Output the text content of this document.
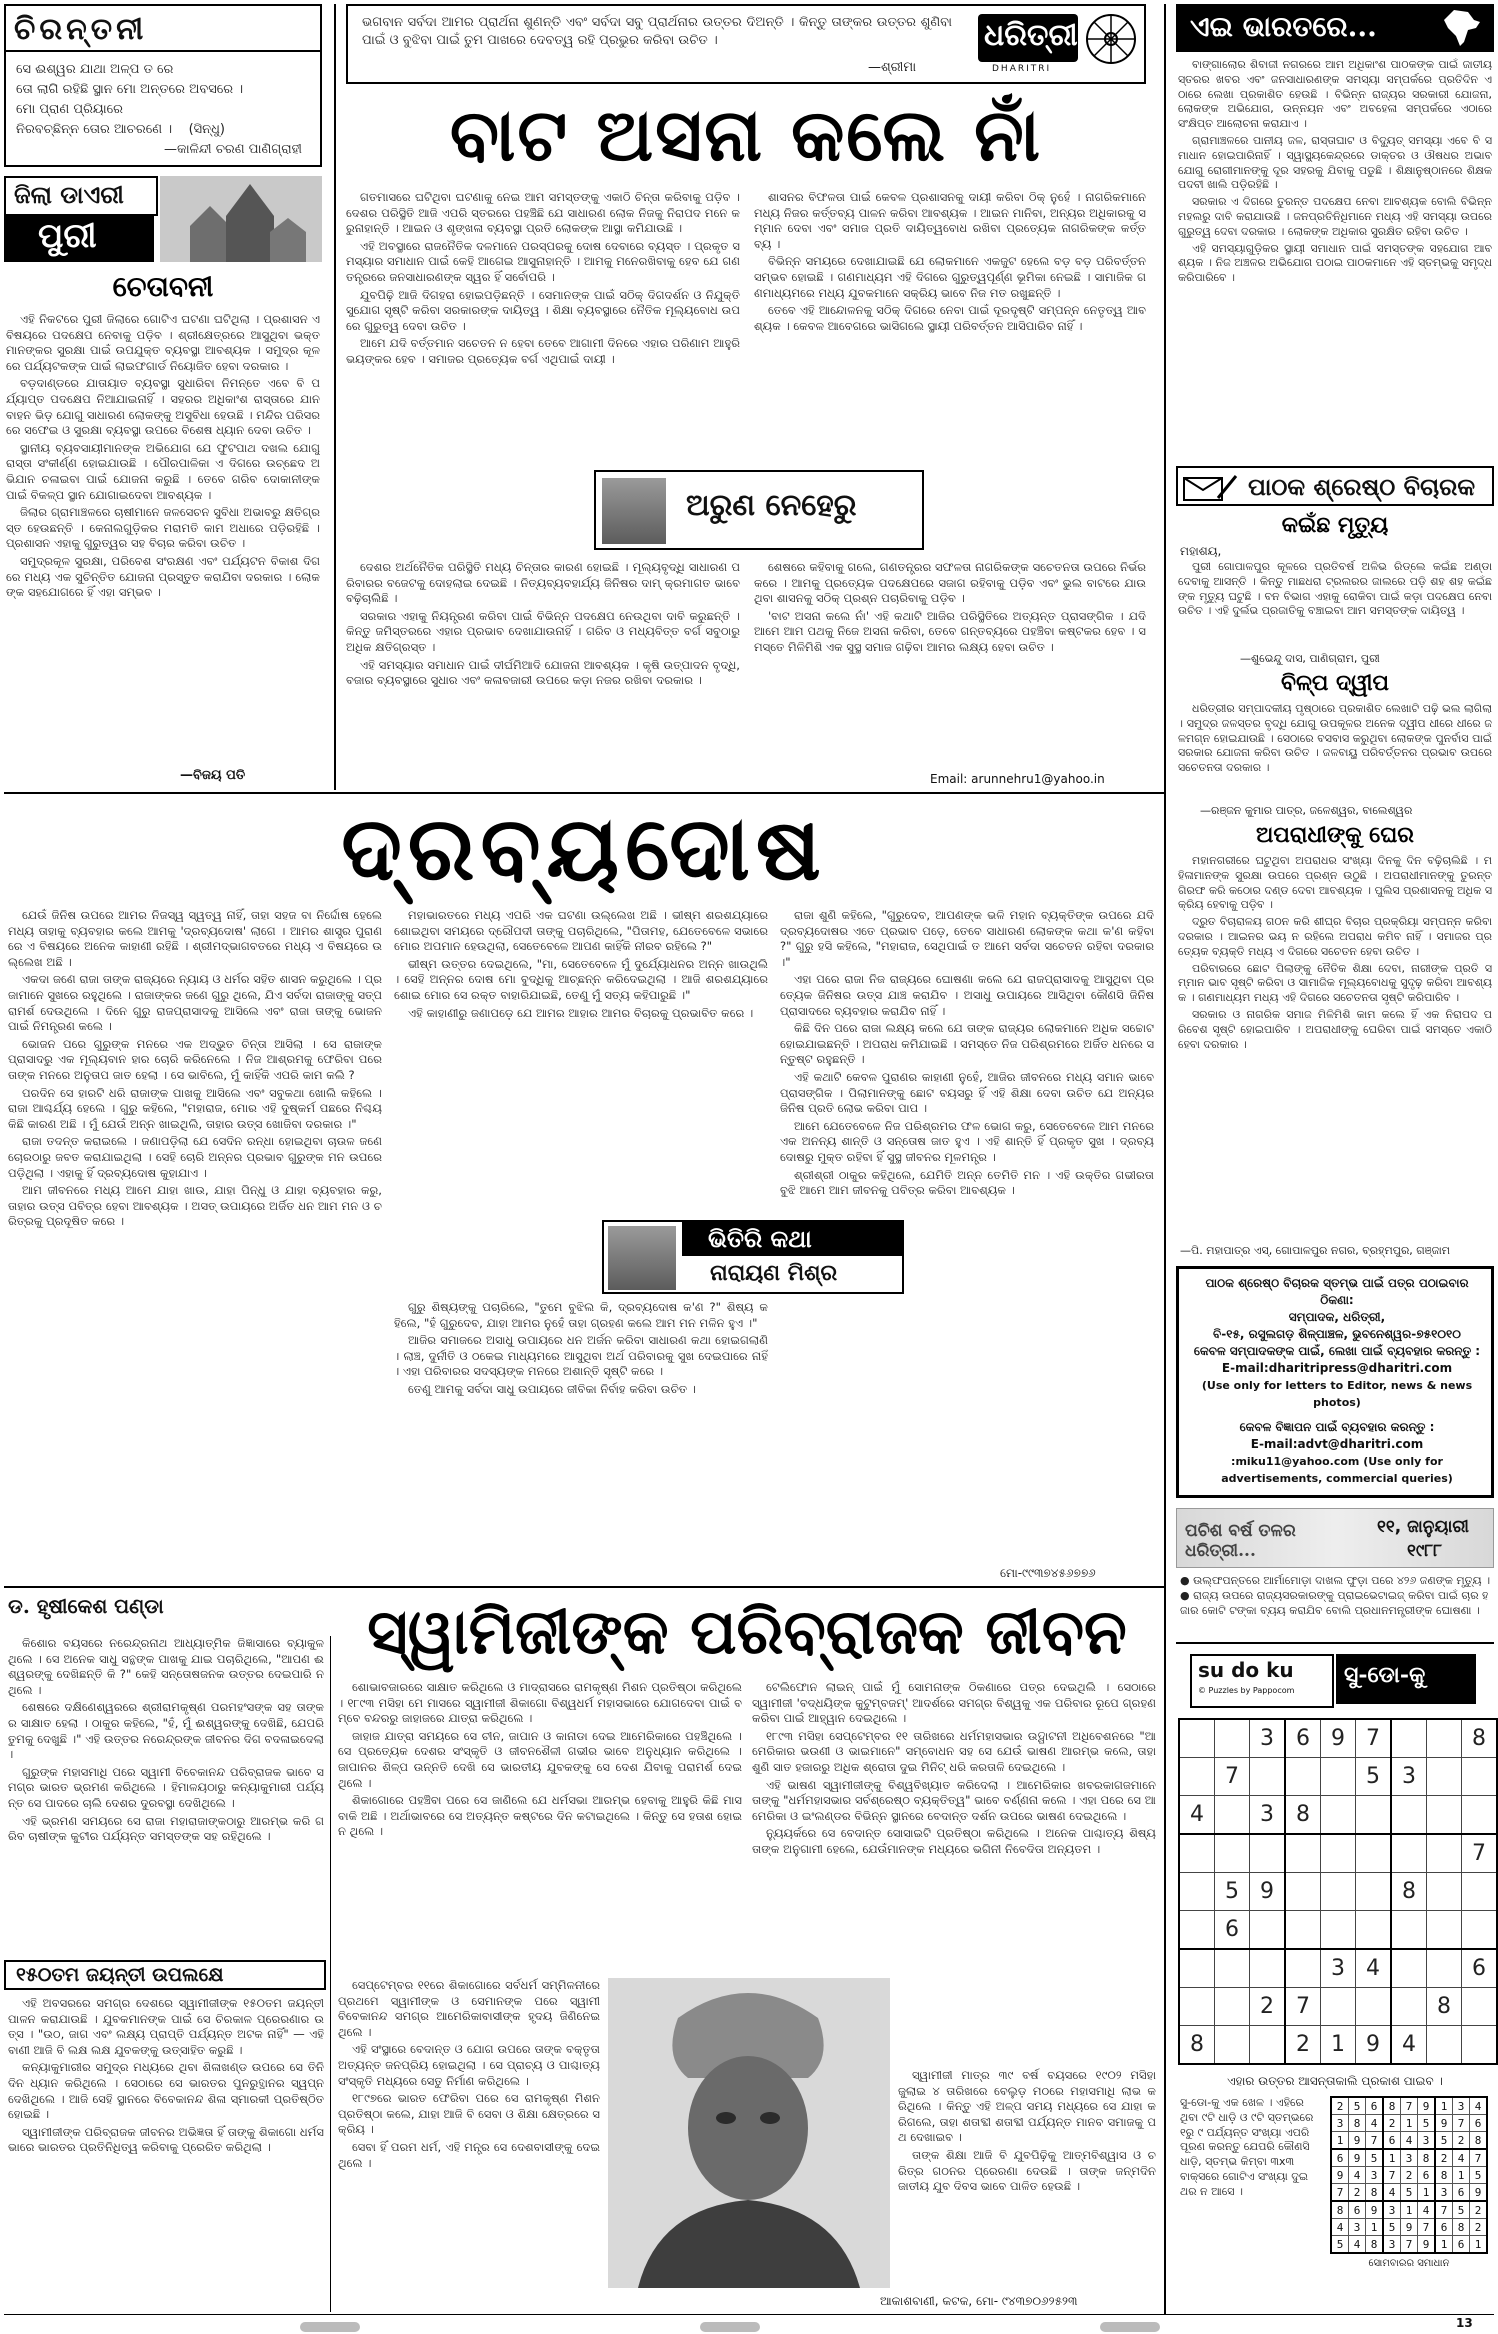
ଚିରନ୍ତନୀ
ସେ ଈଶ୍ୱର ଯାଥା ଅଳ୍ପ ତ ରେ
ତୋ ଲାଗି ରହିଛି ସ୍ଥାନ ମୋ ଅନ୍ତରେ ଅବସରେ ।
ମୋ ପ୍ରାଣ ପ୍ରିୟାରେ
ନିରବଚ୍ଛିନ୍ନ ତୋର ଆଚରଣେ । (ସିନ୍ଧୁ)
—କାଳିନ୍ଦୀ ଚରଣ ପାଣିଗ୍ରାହୀ
ଭଗବାନ ସର୍ବଦା ଆମର ପ୍ରାର୍ଥନା ଶୁଣନ୍ତି ଏବଂ ସର୍ବଦା ସବୁ ପ୍ରାର୍ଥନାର ଉତ୍ତର ଦିଅନ୍ତି । କିନ୍ତୁ ତାଙ୍କର ଉତ୍ତର ଶୁଣିବା ପାଇଁ ଓ ବୁଝିବା ପାଇଁ ତୁମ ପାଖରେ ଦେବତ୍ୱ ରହି ପ୍ରଭୁର କରିବା ଉଚିତ ।
—ଶ୍ରୀମା
ଧରିତ୍ରୀ
DHARITRI
ଏଇ ଭାରତରେ...

ବାଙ୍ଗାଲୋର ଶିବାଜୀ ନଗରରେ ଆମ ଅଧିକାଂଶ ପାଠକଙ୍କ ପାଇଁ ଜାତୀୟ ସ୍ତରର ଖବର ଏବଂ ଜନସାଧାରଣଙ୍କ ସମସ୍ୟା ସମ୍ପର୍କରେ ପ୍ରତିଦିନ ଏଠାରେ ଲେଖା ପ୍ରକାଶିତ ହେଉଛି । ବିଭିନ୍ନ ରାଜ୍ୟର ସରକାରୀ ଯୋଜନା, ଲୋକଙ୍କ ଅଭିଯୋଗ, ଉନ୍ନୟନ ଏବଂ ଅବହେଳା ସମ୍ପର୍କରେ ଏଠାରେ ସଂକ୍ଷିପ୍ତ ଆଲୋଚନା କରାଯାଏ ।

ଗ୍ରାମାଞ୍ଚଳରେ ପାନୀୟ ଜଳ, ରାସ୍ତାଘାଟ ଓ ବିଦ୍ୟୁତ୍ ସମସ୍ୟା ଏବେ ବି ସମାଧାନ ହୋଇପାରିନାହିଁ । ସ୍ୱାସ୍ଥ୍ୟକେନ୍ଦ୍ରରେ ଡାକ୍ତର ଓ ଔଷଧର ଅଭାବ ଯୋଗୁ ରୋଗୀମାନଙ୍କୁ ଦୂର ସହରକୁ ଯିବାକୁ ପଡୁଛି । ଶିକ୍ଷାନୁଷ୍ଠାନରେ ଶିକ୍ଷକ ପଦବୀ ଖାଲି ପଡ଼ିରହିଛି ।

ସରକାର ଏ ଦିଗରେ ତୁରନ୍ତ ପଦକ୍ଷେପ ନେବା ଆବଶ୍ୟକ ବୋଲି ବିଭିନ୍ନ ମହଲରୁ ଦାବି କରାଯାଉଛି । ଜନପ୍ରତିନିଧିମାନେ ମଧ୍ୟ ଏହି ସମସ୍ୟା ଉପରେ ଗୁରୁତ୍ୱ ଦେବା ଦରକାର । ଲୋକଙ୍କ ଅଧିକାର ସୁରକ୍ଷିତ ରହିବା ଉଚିତ ।

ଏହି ସମସ୍ୟାଗୁଡ଼ିକର ସ୍ଥାୟୀ ସମାଧାନ ପାଇଁ ସମସ୍ତଙ୍କ ସହଯୋଗ ଆବଶ୍ୟକ । ନିଜ ଅଞ୍ଚଳର ଅଭିଯୋଗ ପଠାଇ ପାଠକମାନେ ଏହି ସ୍ତମ୍ଭକୁ ସମୃଦ୍ଧ କରିପାରିବେ ।

ଜିଲା ଡାଏରୀ
ପୁରୀ
ଚେତାବନୀ

ଏହି ନିକଟରେ ପୁରୀ ଜିଲାରେ ଗୋଟିଏ ଘଟଣା ଘଟିଥିଲା । ପ୍ରଶାସନ ଏ ବିଷୟରେ ପଦକ୍ଷେପ ନେବାକୁ ପଡ଼ିବ । ଶ୍ରୀକ୍ଷେତ୍ରରେ ଆସୁଥିବା ଭକ୍ତମାନଙ୍କର ସୁରକ୍ଷା ପାଇଁ ଉପଯୁକ୍ତ ବ୍ୟବସ୍ଥା ଆବଶ୍ୟକ । ସମୁଦ୍ର କୂଳରେ ପର୍ଯ୍ୟଟକଙ୍କ ପାଇଁ ଲାଇଫଗାର୍ଡ ନିୟୋଜିତ ହେବା ଦରକାର ।

ବଡ଼ଦାଣ୍ଡରେ ଯାତାୟାତ ବ୍ୟବସ୍ଥା ସୁଧାରିବା ନିମନ୍ତେ ଏବେ ବି ପର୍ଯ୍ୟାପ୍ତ ପଦକ୍ଷେପ ନିଆଯାଇନାହିଁ । ସହରର ଅଧିକାଂଶ ରାସ୍ତାରେ ଯାନବାହନ ଭିଡ଼ ଯୋଗୁ ସାଧାରଣ ଲୋକଙ୍କୁ ଅସୁବିଧା ହେଉଛି । ମନ୍ଦିର ପରିସରରେ ସଫେଇ ଓ ସୁରକ୍ଷା ବ୍ୟବସ୍ଥା ଉପରେ ବିଶେଷ ଧ୍ୟାନ ଦେବା ଉଚିତ ।

ସ୍ଥାନୀୟ ବ୍ୟବସାୟୀମାନଙ୍କ ଅଭିଯୋଗ ଯେ ଫୁଟପାଥ ଦଖଲ ଯୋଗୁ ରାସ୍ତା ସଂକୀର୍ଣ୍ଣ ହୋଇଯାଉଛି । ପୌରପାଳିକା ଏ ଦିଗରେ ଉଚ୍ଛେଦ ଅଭିଯାନ ଚଳାଇବା ପାଇଁ ଯୋଜନା କରୁଛି । ତେବେ ଗରିବ ଦୋକାନୀଙ୍କ ପାଇଁ ବିକଳ୍ପ ସ୍ଥାନ ଯୋଗାଇଦେବା ଆବଶ୍ୟକ ।

ଜିଲାର ଗ୍ରାମାଞ୍ଚଳରେ ଚାଷୀମାନେ ଜଳସେଚନ ସୁବିଧା ଅଭାବରୁ କ୍ଷତିଗ୍ରସ୍ତ ହେଉଛନ୍ତି । କେନାଲଗୁଡ଼ିକର ମରାମତି କାମ ଅଧାରେ ପଡ଼ିରହିଛି । ପ୍ରଶାସନ ଏହାକୁ ଗୁରୁତ୍ୱର ସହ ବିଚାର କରିବା ଉଚିତ ।

ସମୁଦ୍ରକୂଳ ସୁରକ୍ଷା, ପରିବେଶ ସଂରକ୍ଷଣ ଏବଂ ପର୍ଯ୍ୟଟନ ବିକାଶ ଦିଗରେ ମଧ୍ୟ ଏକ ସୁଚିନ୍ତିତ ଯୋଜନା ପ୍ରସ୍ତୁତ କରାଯିବା ଦରକାର । ଲୋକଙ୍କ ସହଯୋଗରେ ହିଁ ଏହା ସମ୍ଭବ ।

—ବିଜୟ ପତି
ବାଟ ଅସନା କଲେ ନାଁ

ଗତମାସରେ ଘଟିଥିବା ଘଟଣାକୁ ନେଇ ଆମ ସମସ୍ତଙ୍କୁ ଏକାଠି ଚିନ୍ତା କରିବାକୁ ପଡ଼ିବ । ଦେଶର ପରିସ୍ଥିତି ଆଜି ଏପରି ସ୍ତରରେ ପହଞ୍ଚିଛି ଯେ ସାଧାରଣ ଲୋକ ନିଜକୁ ନିରାପଦ ମନେ କରୁନାହାନ୍ତି । ଆଇନ ଓ ଶୃଙ୍ଖଳା ବ୍ୟବସ୍ଥା ପ୍ରତି ଲୋକଙ୍କ ଆସ୍ଥା କମିଯାଉଛି ।

ଏହି ଅବସ୍ଥାରେ ରାଜନୈତିକ ଦଳମାନେ ପରସ୍ପରକୁ ଦୋଷ ଦେବାରେ ବ୍ୟସ୍ତ । ପ୍ରକୃତ ସମସ୍ୟାର ସମାଧାନ ପାଇଁ କେହି ଆଗେଇ ଆସୁନାହାନ୍ତି । ଆମକୁ ମନେରଖିବାକୁ ହେବ ଯେ ଗଣତନ୍ତ୍ରରେ ଜନସାଧାରଣଙ୍କ ସ୍ୱର ହିଁ ସର୍ବୋପରି ।

ଯୁବପିଢ଼ି ଆଜି ଦିଗହରା ହୋଇପଡ଼ିଛନ୍ତି । ସେମାନଙ୍କ ପାଇଁ ସଠିକ୍ ଦିଗଦର୍ଶନ ଓ ନିଯୁକ୍ତି ସୁଯୋଗ ସୃଷ୍ଟି କରିବା ସରକାରଙ୍କ ଦାୟିତ୍ୱ । ଶିକ୍ଷା ବ୍ୟବସ୍ଥାରେ ନୈତିକ ମୂଲ୍ୟବୋଧ ଉପରେ ଗୁରୁତ୍ୱ ଦେବା ଉଚିତ ।

ଆମେ ଯଦି ବର୍ତ୍ତମାନ ସଚେତନ ନ ହେବା ତେବେ ଆଗାମୀ ଦିନରେ ଏହାର ପରିଣାମ ଆହୁରି ଭୟଙ୍କର ହେବ । ସମାଜର ପ୍ରତ୍ୟେକ ବର୍ଗ ଏଥିପାଇଁ ଦାୟୀ ।

ଶାସନର ବିଫଳତା ପାଇଁ କେବଳ ପ୍ରଶାସନକୁ ଦାୟୀ କରିବା ଠିକ୍ ନୁହେଁ । ନାଗରିକମାନେ ମଧ୍ୟ ନିଜର କର୍ତ୍ତବ୍ୟ ପାଳନ କରିବା ଆବଶ୍ୟକ । ଆଇନ ମାନିବା, ଅନ୍ୟର ଅଧିକାରକୁ ସମ୍ମାନ ଦେବା ଏବଂ ସମାଜ ପ୍ରତି ଦାୟିତ୍ୱବୋଧ ରଖିବା ପ୍ରତ୍ୟେକ ନାଗରିକଙ୍କ କର୍ତ୍ତବ୍ୟ ।

ବିଭିନ୍ନ ସମୟରେ ଦେଖାଯାଇଛି ଯେ ଲୋକମାନେ ଏକଜୁଟ ହେଲେ ବଡ଼ ବଡ଼ ପରିବର୍ତ୍ତନ ସମ୍ଭବ ହୋଇଛି । ଗଣମାଧ୍ୟମ ଏହି ଦିଗରେ ଗୁରୁତ୍ୱପୂର୍ଣ୍ଣ ଭୂମିକା ନେଇଛି । ସାମାଜିକ ଗଣମାଧ୍ୟମରେ ମଧ୍ୟ ଯୁବକମାନେ ସକ୍ରିୟ ଭାବେ ନିଜ ମତ ରଖୁଛନ୍ତି ।

ତେବେ ଏହି ଆନ୍ଦୋଳନକୁ ସଠିକ୍ ଦିଗରେ ନେବା ପାଇଁ ଦୂରଦୃଷ୍ଟି ସମ୍ପନ୍ନ ନେତୃତ୍ୱ ଆବଶ୍ୟକ । କେବଳ ଆବେଗରେ ଭାସିଗଲେ ସ୍ଥାୟୀ ପରିବର୍ତ୍ତନ ଆସିପାରିବ ନାହିଁ ।

ଅରୁଣ ନେହେରୁ

ଦେଶର ଅର୍ଥନୈତିକ ପରିସ୍ଥିତି ମଧ୍ୟ ଚିନ୍ତାର କାରଣ ହୋଇଛି । ମୂଲ୍ୟବୃଦ୍ଧି ସାଧାରଣ ପରିବାରର ବଜେଟକୁ ଦୋହଲାଇ ଦେଇଛି । ନିତ୍ୟବ୍ୟବହାର୍ଯ୍ୟ ଜିନିଷର ଦାମ୍ କ୍ରମାଗତ ଭାବେ ବଢ଼ିଚାଲିଛି ।

ସରକାର ଏହାକୁ ନିୟନ୍ତ୍ରଣ କରିବା ପାଇଁ ବିଭିନ୍ନ ପଦକ୍ଷେପ ନେଉଥିବା ଦାବି କରୁଛନ୍ତି । କିନ୍ତୁ ଜମିସ୍ତରରେ ଏହାର ପ୍ରଭାବ ଦେଖାଯାଉନାହିଁ । ଗରିବ ଓ ମଧ୍ୟବିତ୍ତ ବର୍ଗ ସବୁଠାରୁ ଅଧିକ କ୍ଷତିଗ୍ରସ୍ତ ।

ଏହି ସମସ୍ୟାର ସମାଧାନ ପାଇଁ ଦୀର୍ଘମିଆଦି ଯୋଜନା ଆବଶ୍ୟକ । କୃଷି ଉତ୍ପାଦନ ବୃଦ୍ଧି, ବଜାର ବ୍ୟବସ୍ଥାରେ ସୁଧାର ଏବଂ କଳାବଜାରୀ ଉପରେ କଡ଼ା ନଜର ରଖିବା ଦରକାର ।

ଶେଷରେ କହିବାକୁ ଗଲେ, ଗଣତନ୍ତ୍ରର ସଫଳତା ନାଗରିକଙ୍କ ସଚେତନତା ଉପରେ ନିର୍ଭର କରେ । ଆମକୁ ପ୍ରତ୍ୟେକ ପଦକ୍ଷେପରେ ସଜାଗ ରହିବାକୁ ପଡ଼ିବ ଏବଂ ଭୁଲ ବାଟରେ ଯାଉଥିବା ଶାସନକୁ ସଠିକ୍ ପ୍ରଶ୍ନ ପଚାରିବାକୁ ପଡ଼ିବ ।

'ବାଟ ଅସନା କଲେ ନାଁ' ଏହି କଥାଟି ଆଜିର ପରିସ୍ଥିତିରେ ଅତ୍ୟନ୍ତ ପ୍ରାସଙ୍ଗିକ । ଯଦି ଆମେ ଆମ ପଥକୁ ନିଜେ ଅସନା କରିବା, ତେବେ ଗନ୍ତବ୍ୟରେ ପହଞ୍ଚିବା କଷ୍ଟକର ହେବ । ସମସ୍ତେ ମିଳିମିଶି ଏକ ସୁସ୍ଥ ସମାଜ ଗଢ଼ିବା ଆମର ଲକ୍ଷ୍ୟ ହେବା ଉଚିତ ।

Email: arunnehru1@yahoo.in
ପାଠକ ଶ୍ରେଷ୍ଠ ବିଚାରକ
କଇଁଛ ମୃତ୍ୟୁ
ମହାଶୟ,

ପୁରୀ ଗୋପାଳପୁର କୂଳରେ ପ୍ରତିବର୍ଷ ଅଳିଭ ରିଡ୍ଲେ କଇଁଛ ଅଣ୍ଡା ଦେବାକୁ ଆସନ୍ତି । କିନ୍ତୁ ମାଛଧରା ଟ୍ରଲରର ଜାଲରେ ପଡ଼ି ଶହ ଶହ କଇଁଛଙ୍କ ମୃତ୍ୟୁ ଘଟୁଛି । ବନ ବିଭାଗ ଏହାକୁ ରୋକିବା ପାଇଁ କଡ଼ା ପଦକ୍ଷେପ ନେବା ଉଚିତ । ଏହି ଦୁର୍ଲଭ ପ୍ରଜାତିକୁ ବଞ୍ଚାଇବା ଆମ ସମସ୍ତଙ୍କ ଦାୟିତ୍ୱ ।

—ଶୁଭେନ୍ଦୁ ଦାସ, ପାଣିଗ୍ରାମ, ପୁରୀ
ବିଳ୍ପ ଦ୍ୱୀପ

ଧରିତ୍ରୀର ସମ୍ପାଦକୀୟ ପୃଷ୍ଠାରେ ପ୍ରକାଶିତ ଲେଖାଟି ପଢ଼ି ଭଲ ଲାଗିଲା । ସମୁଦ୍ର ଜଳସ୍ତର ବୃଦ୍ଧି ଯୋଗୁ ଉପକୂଳର ଅନେକ ଦ୍ୱୀପ ଧୀରେ ଧୀରେ ଜଳମଗ୍ନ ହୋଇଯାଉଛି । ସେଠାରେ ବସବାସ କରୁଥିବା ଲୋକଙ୍କ ପୁନର୍ବାସ ପାଇଁ ସରକାର ଯୋଜନା କରିବା ଉଚିତ । ଜଳବାୟୁ ପରିବର୍ତ୍ତନର ପ୍ରଭାବ ଉପରେ ସଚେତନତା ଦରକାର ।

—ରଞ୍ଜନ କୁମାର ପାତ୍ର, ଜଳେଶ୍ୱର, ବାଲେଶ୍ୱର
ଅପରାଧୀଙ୍କୁ ଘେର

ମହାନଗରୀରେ ଘଟୁଥିବା ଅପରାଧର ସଂଖ୍ୟା ଦିନକୁ ଦିନ ବଢ଼ିଚାଲିଛି । ମହିଳାମାନଙ୍କ ସୁରକ୍ଷା ଉପରେ ପ୍ରଶ୍ନ ଉଠୁଛି । ଅପରାଧୀମାନଙ୍କୁ ତୁରନ୍ତ ଗିରଫ କରି କଠୋର ଦଣ୍ଡ ଦେବା ଆବଶ୍ୟକ । ପୁଲିସ ପ୍ରଶାସନକୁ ଅଧିକ ସକ୍ରିୟ ହେବାକୁ ପଡ଼ିବ ।

ଦ୍ରୁତ ବିଚାରାଳୟ ଗଠନ କରି ଶୀଘ୍ର ବିଚାର ପ୍ରକ୍ରିୟା ସମ୍ପନ୍ନ କରିବା ଦରକାର । ଆଇନର ଭୟ ନ ରହିଲେ ଅପରାଧ କମିବ ନାହିଁ । ସମାଜର ପ୍ରତ୍ୟେକ ବ୍ୟକ୍ତି ମଧ୍ୟ ଏ ଦିଗରେ ସଚେତନ ହେବା ଉଚିତ ।

ପରିବାରରେ ଛୋଟ ପିଲାଙ୍କୁ ନୈତିକ ଶିକ୍ଷା ଦେବା, ନାରୀଙ୍କ ପ୍ରତି ସମ୍ମାନ ଭାବ ସୃଷ୍ଟି କରିବା ଓ ସାମାଜିକ ମୂଲ୍ୟବୋଧକୁ ସୁଦୃଢ଼ କରିବା ଆବଶ୍ୟକ । ଗଣମାଧ୍ୟମ ମଧ୍ୟ ଏହି ଦିଗରେ ସଚେତନତା ସୃଷ୍ଟି କରିପାରିବ ।

ସରକାର ଓ ନାଗରିକ ସମାଜ ମିଳିମିଶି କାମ କଲେ ହିଁ ଏକ ନିରାପଦ ପରିବେଶ ସୃଷ୍ଟି ହୋଇପାରିବ । ଅପରାଧୀଙ୍କୁ ଘେରିବା ପାଇଁ ସମସ୍ତେ ଏକାଠି ହେବା ଦରକାର ।

—ପି. ମହାପାତ୍ର ଏସ୍, ଗୋପାଳପୁର ନଗର, ବ୍ରହ୍ମପୁର, ଗଞ୍ଜାମ
ପାଠକ ଶ୍ରେଷ୍ଠ ବିଚାରକ ସ୍ତମ୍ଭ ପାଇଁ ପତ୍ର ପଠାଇବାର ଠିକଣା:
ସମ୍ପାଦକ, ଧରିତ୍ରୀ,
ବି-୧୫, ରସୁଲଗଡ଼ ଶିଳ୍ପାଞ୍ଚଳ, ଭୁବନେଶ୍ୱର-୭୫୧୦୧୦
କେବଳ ସମ୍ପାଦକଙ୍କ ପାଇଁ, ଲେଖା ପାଇଁ ବ୍ୟବହାର କରନ୍ତୁ :
E-mail:dharitripress@dharitri.com
(Use only for letters to Editor, news & news photos)
କେବଳ ବିଜ୍ଞାପନ ପାଇଁ ବ୍ୟବହାର କରନ୍ତୁ :
E-mail:advt@dharitri.com
:miku11@yahoo.com (Use only for
advertisements, commercial queries)
ପଚିଶ ବର୍ଷ ତଳର ଧରିତ୍ରୀ...
୧୧, ଜାନୁୟାରୀ
୧୯୮୮
● ଉଲ୍ଫପନ୍ତରେ ଆର୍ମାମୋଡ଼ା ଦାଖଲ ଫୁଡ଼ା ପରେ ୪୨୬ ଜଣଙ୍କ ମୃତ୍ୟୁ ।
● ରାଜ୍ୟ ଉପରେ ରାଜ୍ୟସରକାରଙ୍କୁ ପ୍ରାଇଭେଟାଇଜ୍ କରିବା ପାଇଁ ଚାର ହଜାର କୋଟି ଟଙ୍କା ବ୍ୟୟ କରାଯିବ ବୋଲି ପ୍ରଧାନମନ୍ତ୍ରୀଙ୍କ ଘୋଷଣା ।
su do ku
© Puzzles by Pappocom
ସୁ-ଡୋ-କୁ
		3	6	9	7			8
	7				5	3		
4		3	8					
								7
	5	9				8		
	6							
				3	4			6
		2	7				8	
8			2	1	9	4		
ଏହାର ଉତ୍ତର ଆସନ୍ତାକାଲି ପ୍ରକାଶ ପାଇବ ।
ସୁ-ଡୋ-କୁ ଏକ ଖେଳ । ଏହିରେ ଥିବା ୯ଟି ଧାଡ଼ି ଓ ୯ଟି ସ୍ତମ୍ଭରେ ୧ରୁ ୯ ପର୍ଯ୍ୟନ୍ତ ସଂଖ୍ୟା ଏପରି ପୂରଣ କରନ୍ତୁ ଯେପରି କୌଣସି ଧାଡ଼ି, ସ୍ତମ୍ଭ କିମ୍ବା ୩x୩ ବାକ୍ସରେ ଗୋଟିଏ ସଂଖ୍ୟା ଦୁଇଥର ନ ଆସେ ।
2	5	6	8	7	9	1	3	4
3	8	4	2	1	5	9	7	6
1	9	7	6	4	3	5	2	8
6	9	5	1	3	8	2	4	7
9	4	3	7	2	6	8	1	5
7	2	8	4	5	1	3	6	9
8	6	9	3	1	4	7	5	2
4	3	1	5	9	7	6	8	2
5	4	8	3	7	9	1	6	1
ସୋମବାରର ସମାଧାନ
ଦ୍ରବ୍ୟଦୋଷ

ଯେଉଁ ଜିନିଷ ଉପରେ ଆମର ନିଜସ୍ୱ ସ୍ୱତ୍ୱ ନାହିଁ, ତାହା ସହଜ ବା ନିର୍ଦ୍ଦୋଷ ହେଲେ ମଧ୍ୟ ତାହାକୁ ବ୍ୟବହାର କଲେ ଆମକୁ 'ଦ୍ରବ୍ୟଦୋଷ' ଲାଗେ । ଆମର ଶାସ୍ତ୍ର ପୁରାଣରେ ଏ ବିଷୟରେ ଅନେକ କାହାଣୀ ରହିଛି । ଶ୍ରୀମଦ୍ଭାଗବତରେ ମଧ୍ୟ ଏ ବିଷୟରେ ଉଲ୍ଲେଖ ଅଛି ।

ଏକଦା ଜଣେ ରାଜା ତାଙ୍କ ରାଜ୍ୟରେ ନ୍ୟାୟ ଓ ଧର୍ମର ସହିତ ଶାସନ କରୁଥିଲେ । ପ୍ରଜାମାନେ ସୁଖରେ ରହୁଥିଲେ । ରାଜାଙ୍କର ଜଣେ ଗୁରୁ ଥିଲେ, ଯିଏ ସର୍ବଦା ରାଜାଙ୍କୁ ସତ୍ପରାମର୍ଶ ଦେଉଥିଲେ । ଦିନେ ଗୁରୁ ରାଜପ୍ରାସାଦକୁ ଆସିଲେ ଏବଂ ରାଜା ତାଙ୍କୁ ଭୋଜନ ପାଇଁ ନିମନ୍ତ୍ରଣ କଲେ ।

ଭୋଜନ ପରେ ଗୁରୁଙ୍କ ମନରେ ଏକ ଅଦ୍ଭୁତ ଚିନ୍ତା ଆସିଲା । ସେ ରାଜାଙ୍କ ପ୍ରାସାଦରୁ ଏକ ମୂଲ୍ୟବାନ ହାର ଚୋରି କରିନେଲେ । ନିଜ ଆଶ୍ରମକୁ ଫେରିବା ପରେ ତାଙ୍କ ମନରେ ଅନୁତାପ ଜାତ ହେଲା । ସେ ଭାବିଲେ, ମୁଁ କାହିଁକି ଏପରି କାମ କଲି ?

ପରଦିନ ସେ ହାରଟି ଧରି ରାଜାଙ୍କ ପାଖକୁ ଆସିଲେ ଏବଂ ସବୁକଥା ଖୋଲି କହିଲେ । ରାଜା ଆଶ୍ଚର୍ଯ୍ୟ ହେଲେ । ଗୁରୁ କହିଲେ, "ମହାରାଜ, ମୋର ଏହି ଦୁଷ୍କର୍ମ ପଛରେ ନିଶ୍ଚୟ କିଛି କାରଣ ଅଛି । ମୁଁ ଯେଉଁ ଅନ୍ନ ଖାଇଥିଲି, ତାହାର ଉତ୍ସ ଖୋଜିବା ଦରକାର ।"

ରାଜା ତଦନ୍ତ କରାଇଲେ । ଜଣାପଡ଼ିଲା ଯେ ସେଦିନ ରନ୍ଧା ହୋଇଥିବା ଚାଉଳ ଜଣେ ଚୋରଠାରୁ ଜବତ କରାଯାଇଥିଲା । ସେହି ଚୋରି ଅନ୍ନର ପ୍ରଭାବ ଗୁରୁଙ୍କ ମନ ଉପରେ ପଡ଼ିଥିଲା । ଏହାକୁ ହିଁ ଦ୍ରବ୍ୟଦୋଷ କୁହାଯାଏ ।

ଆମ ଜୀବନରେ ମଧ୍ୟ ଆମେ ଯାହା ଖାଉ, ଯାହା ପିନ୍ଧୁ ଓ ଯାହା ବ୍ୟବହାର କରୁ, ତାହାର ଉତ୍ସ ପବିତ୍ର ହେବା ଆବଶ୍ୟକ । ଅସତ୍ ଉପାୟରେ ଅର୍ଜିତ ଧନ ଆମ ମନ ଓ ଚରିତ୍ରକୁ ପ୍ରଦୂଷିତ କରେ ।

ମହାଭାରତରେ ମଧ୍ୟ ଏପରି ଏକ ଘଟଣା ଉଲ୍ଲେଖ ଅଛି । ଭୀଷ୍ମ ଶରଶଯ୍ୟାରେ ଶୋଇଥିବା ସମୟରେ ଦ୍ରୌପଦୀ ତାଙ୍କୁ ପଚାରିଥିଲେ, "ପିତାମହ, ଯେତେବେଳେ ସଭାରେ ମୋର ଅପମାନ ହେଉଥିଲା, ସେତେବେଳେ ଆପଣ କାହିଁକି ନୀରବ ରହିଲେ ?"

ଭୀଷ୍ମ ଉତ୍ତର ଦେଇଥିଲେ, "ମା, ସେତେବେଳେ ମୁଁ ଦୁର୍ଯ୍ୟୋଧନର ଅନ୍ନ ଖାଉଥିଲି । ସେହି ଅନ୍ନର ଦୋଷ ମୋ ବୁଦ୍ଧିକୁ ଆଚ୍ଛନ୍ନ କରିଦେଇଥିଲା । ଆଜି ଶରଶଯ୍ୟାରେ ଶୋଇ ମୋର ସେ ରକ୍ତ ବାହାରିଯାଇଛି, ତେଣୁ ମୁଁ ସତ୍ୟ କହିପାରୁଛି ।"

ଏହି କାହାଣୀରୁ ଜଣାପଡ଼େ ଯେ ଆମର ଆହାର ଆମର ବିଚାରକୁ ପ୍ରଭାବିତ କରେ ।

ଭିତିରି କଥା
ନାରାୟଣ ମିଶ୍ର

ଗୁରୁ ଶିଷ୍ୟଙ୍କୁ ପଚାରିଲେ, "ତୁମେ ବୁଝିଲ କି, ଦ୍ରବ୍ୟଦୋଷ କ'ଣ ?" ଶିଷ୍ୟ କହିଲେ, "ହଁ ଗୁରୁଦେବ, ଯାହା ଆମର ନୁହେଁ ତାହା ଗ୍ରହଣ କଲେ ଆମ ମନ ମଳିନ ହୁଏ ।"

ଆଜିର ସମାଜରେ ଅସାଧୁ ଉପାୟରେ ଧନ ଅର୍ଜନ କରିବା ସାଧାରଣ କଥା ହୋଇଗଲାଣି । ଲାଞ୍ଚ, ଦୁର୍ନୀତି ଓ ଠକେଇ ମାଧ୍ୟମରେ ଆସୁଥିବା ଅର୍ଥ ପରିବାରକୁ ସୁଖ ଦେଇପାରେ ନାହିଁ । ଏହା ପରିବାରର ସଦସ୍ୟଙ୍କ ମନରେ ଅଶାନ୍ତି ସୃଷ୍ଟି କରେ ।

ତେଣୁ ଆମକୁ ସର୍ବଦା ସାଧୁ ଉପାୟରେ ଜୀବିକା ନିର୍ବାହ କରିବା ଉଚିତ ।

ରାଜା ଶୁଣି କହିଲେ, "ଗୁରୁଦେବ, ଆପଣଙ୍କ ଭଳି ମହାନ ବ୍ୟକ୍ତିଙ୍କ ଉପରେ ଯଦି ଦ୍ରବ୍ୟଦୋଷର ଏତେ ପ୍ରଭାବ ପଡ଼େ, ତେବେ ସାଧାରଣ ଲୋକଙ୍କ କଥା କ'ଣ କହିବା ?" ଗୁରୁ ହସି କହିଲେ, "ମହାରାଜ, ସେଥିପାଇଁ ତ ଆମେ ସର୍ବଦା ସଚେତନ ରହିବା ଦରକାର ।"

ଏହା ପରେ ରାଜା ନିଜ ରାଜ୍ୟରେ ଘୋଷଣା କଲେ ଯେ ରାଜପ୍ରାସାଦକୁ ଆସୁଥିବା ପ୍ରତ୍ୟେକ ଜିନିଷର ଉତ୍ସ ଯାଞ୍ଚ କରାଯିବ । ଅସାଧୁ ଉପାୟରେ ଆସିଥିବା କୌଣସି ଜିନିଷ ପ୍ରାସାଦରେ ବ୍ୟବହାର କରାଯିବ ନାହିଁ ।

କିଛି ଦିନ ପରେ ରାଜା ଲକ୍ଷ୍ୟ କଲେ ଯେ ତାଙ୍କ ରାଜ୍ୟର ଲୋକମାନେ ଅଧିକ ସଚ୍ଚୋଟ ହୋଇଯାଇଛନ୍ତି । ଅପରାଧ କମିଯାଇଛି । ସମସ୍ତେ ନିଜ ପରିଶ୍ରମରେ ଅର୍ଜିତ ଧନରେ ସନ୍ତୁଷ୍ଟ ରହୁଛନ୍ତି ।

ଏହି କଥାଟି କେବଳ ପୁରାଣର କାହାଣୀ ନୁହେଁ, ଆଜିର ଜୀବନରେ ମଧ୍ୟ ସମାନ ଭାବେ ପ୍ରାସଙ୍ଗିକ । ପିଲାମାନଙ୍କୁ ଛୋଟ ବୟସରୁ ହିଁ ଏହି ଶିକ୍ଷା ଦେବା ଉଚିତ ଯେ ଅନ୍ୟର ଜିନିଷ ପ୍ରତି ଲୋଭ କରିବା ପାପ ।

ଆମେ ଯେତେବେଳେ ନିଜ ପରିଶ୍ରମର ଫଳ ଭୋଗ କରୁ, ସେତେବେଳେ ଆମ ମନରେ ଏକ ଅନନ୍ୟ ଶାନ୍ତି ଓ ସନ୍ତୋଷ ଜାତ ହୁଏ । ଏହି ଶାନ୍ତି ହିଁ ପ୍ରକୃତ ସୁଖ । ଦ୍ରବ୍ୟଦୋଷରୁ ମୁକ୍ତ ରହିବା ହିଁ ସୁସ୍ଥ ଜୀବନର ମୂଳମନ୍ତ୍ର ।

ଶ୍ରୀଶ୍ରୀ ଠାକୁର କହିଥିଲେ, ଯେମିତି ଅନ୍ନ ତେମିତି ମନ । ଏହି ଉକ୍ତିର ଗଭୀରତା ବୁଝି ଆମେ ଆମ ଜୀବନକୁ ପବିତ୍ର କରିବା ଆବଶ୍ୟକ ।

ମୋ-୯୯୩୭୪୫୬୭୭୬
ଡ. ହୃଷୀକେଶ ପଣ୍ଡା	ସ୍ୱାମିଜୀଙ୍କ ପରିବ୍ରାଜକ ଜୀବନ

କିଶୋର ବୟସରେ ନରେନ୍ଦ୍ରନାଥ ଆଧ୍ୟାତ୍ମିକ ଜିଜ୍ଞାସାରେ ବ୍ୟାକୁଳ ଥିଲେ । ସେ ଅନେକ ସାଧୁ ସନ୍ଥଙ୍କ ପାଖକୁ ଯାଇ ପଚାରିଥିଲେ, "ଆପଣ ଈଶ୍ୱରଙ୍କୁ ଦେଖିଛନ୍ତି କି ?" କେହି ସନ୍ତୋଷଜନକ ଉତ୍ତର ଦେଇପାରି ନ ଥିଲେ ।

ଶେଷରେ ଦକ୍ଷିଣେଶ୍ୱରରେ ଶ୍ରୀରାମକୃଷ୍ଣ ପରମହଂସଙ୍କ ସହ ତାଙ୍କର ସାକ୍ଷାତ ହେଲା । ଠାକୁର କହିଲେ, "ହଁ, ମୁଁ ଈଶ୍ୱରଙ୍କୁ ଦେଖିଛି, ଯେପରି ତୁମକୁ ଦେଖୁଛି ।" ଏହି ଉତ୍ତର ନରେନ୍ଦ୍ରଙ୍କ ଜୀବନର ଦିଗ ବଦଳାଇଦେଲା ।

ଗୁରୁଙ୍କ ମହାସମାଧି ପରେ ସ୍ୱାମୀ ବିବେକାନନ୍ଦ ପରିବ୍ରାଜକ ଭାବେ ସମଗ୍ର ଭାରତ ଭ୍ରମଣ କରିଥିଲେ । ହିମାଳୟଠାରୁ କନ୍ୟାକୁମାରୀ ପର୍ଯ୍ୟନ୍ତ ସେ ପାଦରେ ଚାଲି ଦେଶର ଦୁରବସ୍ଥା ଦେଖିଥିଲେ ।

ଏହି ଭ୍ରମଣ ସମୟରେ ସେ ରାଜା ମହାରାଜାଙ୍କଠାରୁ ଆରମ୍ଭ କରି ଗରିବ ଚାଷୀଙ୍କ କୁଟୀର ପର୍ଯ୍ୟନ୍ତ ସମସ୍ତଙ୍କ ସହ ରହିଥିଲେ ।

୧୫୦ତମ ଜୟନ୍ତୀ ଉପଲକ୍ଷେ

ଏହି ଅବସରରେ ସମଗ୍ର ଦେଶରେ ସ୍ୱାମୀଜୀଙ୍କ ୧୫୦ତମ ଜୟନ୍ତୀ ପାଳନ କରାଯାଉଛି । ଯୁବକମାନଙ୍କ ପାଇଁ ସେ ଚିରକାଳ ପ୍ରେରଣାର ଉତ୍ସ । "ଉଠ, ଜାଗ ଏବଂ ଲକ୍ଷ୍ୟ ପ୍ରାପ୍ତି ପର୍ଯ୍ୟନ୍ତ ଅଟକ ନାହିଁ" — ଏହି ବାଣୀ ଆଜି ବି ଲକ୍ଷ ଲକ୍ଷ ଯୁବକଙ୍କୁ ଉତ୍ସାହିତ କରୁଛି ।

କନ୍ୟାକୁମାରୀର ସମୁଦ୍ର ମଧ୍ୟରେ ଥିବା ଶିଳାଖଣ୍ଡ ଉପରେ ସେ ତିନି ଦିନ ଧ୍ୟାନ କରିଥିଲେ । ସେଠାରେ ସେ ଭାରତର ପୁନରୁତ୍ଥାନର ସ୍ୱପ୍ନ ଦେଖିଥିଲେ । ଆଜି ସେହି ସ୍ଥାନରେ ବିବେକାନନ୍ଦ ଶିଳା ସ୍ମାରକୀ ପ୍ରତିଷ୍ଠିତ ହୋଇଛି ।

ସ୍ୱାମୀଜୀଙ୍କ ପରିବ୍ରାଜକ ଜୀବନର ଅଭିଜ୍ଞତା ହିଁ ତାଙ୍କୁ ଶିକାଗୋ ଧର୍ମସଭାରେ ଭାରତର ପ୍ରତିନିଧିତ୍ୱ କରିବାକୁ ପ୍ରେରିତ କରିଥିଲା ।

ଶୋଭାବଜାରରେ ସାକ୍ଷାତ କରିଥିଲେ ଓ ମାଦ୍ରାସରେ ରାମକୃଷ୍ଣ ମିଶନ ପ୍ରତିଷ୍ଠା କରିଥିଲେ । ୧୮୯୩ ମସିହା ମେ ମାସରେ ସ୍ୱାମୀଜୀ ଶିକାଗୋ ବିଶ୍ୱଧର୍ମ ମହାସଭାରେ ଯୋଗଦେବା ପାଇଁ ବମ୍ବେ ବନ୍ଦରରୁ ଜାହାଜରେ ଯାତ୍ରା କରିଥିଲେ ।

ଜାହାଜ ଯାତ୍ରା ସମୟରେ ସେ ଚୀନ, ଜାପାନ ଓ କାନାଡା ଦେଇ ଆମେରିକାରେ ପହଞ୍ଚିଥିଲେ । ସେ ପ୍ରତ୍ୟେକ ଦେଶର ସଂସ୍କୃତି ଓ ଜୀବନଶୈଳୀ ଗଭୀର ଭାବେ ଅନୁଧ୍ୟାନ କରିଥିଲେ । ଜାପାନର ଶିଳ୍ପ ଉନ୍ନତି ଦେଖି ସେ ଭାରତୀୟ ଯୁବକଙ୍କୁ ସେ ଦେଶ ଯିବାକୁ ପରାମର୍ଶ ଦେଇଥିଲେ ।

ଶିକାଗୋରେ ପହଞ୍ଚିବା ପରେ ସେ ଜାଣିଲେ ଯେ ଧର୍ମସଭା ଆରମ୍ଭ ହେବାକୁ ଆହୁରି କିଛି ମାସ ବାକି ଅଛି । ଅର୍ଥାଭାବରେ ସେ ଅତ୍ୟନ୍ତ କଷ୍ଟରେ ଦିନ କଟାଇଥିଲେ । କିନ୍ତୁ ସେ ହତାଶ ହୋଇ ନ ଥିଲେ ।

ଟେଲିଫୋନ ଲାଇନ୍ ପାଇଁ ମୁଁ ସୋମନାଙ୍କ ଠିକଣାରେ ପତ୍ର ଦେଇଥିଲି । ସେଠାରେ ସ୍ୱାମୀଜୀ 'ବଦ୍ଧୟିଙ୍କ କୁଟୁମ୍ବଜମ୍' ଆଦର୍ଶରେ ସମଗ୍ର ବିଶ୍ୱକୁ ଏକ ପରିବାର ରୂପେ ଗ୍ରହଣ କରିବା ପାଇଁ ଆହ୍ୱାନ ଦେଇଥିଲେ ।

୧୮୯୩ ମସିହା ସେପ୍ଟେମ୍ବର ୧୧ ତାରିଖରେ ଧର୍ମମହାସଭାର ଉଦ୍ଘାଟନୀ ଅଧିବେଶନରେ "ଆମେରିକାର ଭଉଣୀ ଓ ଭାଇମାନେ" ସମ୍ବୋଧନ ସହ ସେ ଯେଉଁ ଭାଷଣ ଆରମ୍ଭ କଲେ, ତାହା ଶୁଣି ସାତ ହଜାରରୁ ଅଧିକ ଶ୍ରୋତା ଦୁଇ ମିନିଟ୍ ଧରି କରତାଳି ଦେଇଥିଲେ ।

ଏହି ଭାଷଣ ସ୍ୱାମୀଜୀଙ୍କୁ ବିଶ୍ୱବିଖ୍ୟାତ କରିଦେଲା । ଆମେରିକାର ଖବରକାଗଜମାନେ ତାଙ୍କୁ "ଧର୍ମମହାସଭାର ସର୍ବଶ୍ରେଷ୍ଠ ବ୍ୟକ୍ତିତ୍ୱ" ଭାବେ ବର୍ଣ୍ଣନା କଲେ । ଏହା ପରେ ସେ ଆମେରିକା ଓ ଇଂଲଣ୍ଡର ବିଭିନ୍ନ ସ୍ଥାନରେ ବେଦାନ୍ତ ଦର୍ଶନ ଉପରେ ଭାଷଣ ଦେଇଥିଲେ ।

ନ୍ୟୁୟର୍କରେ ସେ ବେଦାନ୍ତ ସୋସାଇଟି ପ୍ରତିଷ୍ଠା କରିଥିଲେ । ଅନେକ ପାଶ୍ଚାତ୍ୟ ଶିଷ୍ୟ ତାଙ୍କ ଅନୁଗାମୀ ହେଲେ, ଯେଉଁମାନଙ୍କ ମଧ୍ୟରେ ଭଗିନୀ ନିବେଦିତା ଅନ୍ୟତମ ।

ସେପ୍ଟେମ୍ବର ୧୧ରେ ଶିକାଗୋରେ ସର୍ବଧର୍ମ ସମ୍ମିଳନୀରେ ପ୍ରଥମେ ସ୍ୱାମୀଙ୍କ ଓ ସେମାନଙ୍କ ପରେ ସ୍ୱାମୀ ବିବେକାନନ୍ଦ ସମଗ୍ର ଆମେରିକାବାସୀଙ୍କ ହୃଦୟ ଜିଣିନେଇଥିଲେ ।

ଏହି ସଂସ୍ଥାରେ ବେଦାନ୍ତ ଓ ଯୋଗ ଉପରେ ତାଙ୍କ ବକ୍ତୃତା ଅତ୍ୟନ୍ତ ଜନପ୍ରିୟ ହୋଇଥିଲା । ସେ ପ୍ରାଚ୍ୟ ଓ ପାଶ୍ଚାତ୍ୟ ସଂସ୍କୃତି ମଧ୍ୟରେ ସେତୁ ନିର୍ମାଣ କରିଥିଲେ ।

୧୮୯୭ରେ ଭାରତ ଫେରିବା ପରେ ସେ ରାମକୃଷ୍ଣ ମିଶନ ପ୍ରତିଷ୍ଠା କଲେ, ଯାହା ଆଜି ବି ସେବା ଓ ଶିକ୍ଷା କ୍ଷେତ୍ରରେ ସକ୍ରିୟ ।

ସେବା ହିଁ ପରମ ଧର୍ମ, ଏହି ମନ୍ତ୍ର ସେ ଦେଶବାସୀଙ୍କୁ ଦେଇଥିଲେ ।

ସ୍ୱାମୀଜୀ ମାତ୍ର ୩୯ ବର୍ଷ ବୟସରେ ୧୯୦୨ ମସିହା ଜୁଲାଇ ୪ ତାରିଖରେ ବେଲୁଡ଼ ମଠରେ ମହାସମାଧି ଲାଭ କରିଥିଲେ । କିନ୍ତୁ ଏହି ଅଳ୍ପ ସମୟ ମଧ୍ୟରେ ସେ ଯାହା କରିଗଲେ, ତାହା ଶତାବ୍ଦୀ ଶତାବ୍ଦୀ ପର୍ଯ୍ୟନ୍ତ ମାନବ ସମାଜକୁ ପଥ ଦେଖାଇବ ।

ତାଙ୍କ ଶିକ୍ଷା ଆଜି ବି ଯୁବପିଢ଼ିକୁ ଆତ୍ମବିଶ୍ୱାସ ଓ ଚରିତ୍ର ଗଠନର ପ୍ରେରଣା ଦେଉଛି । ତାଙ୍କ ଜନ୍ମଦିନ ଜାତୀୟ ଯୁବ ଦିବସ ଭାବେ ପାଳିତ ହେଉଛି ।

ଆକାଶବାଣୀ, କଟକ, ମୋ- ୯୪୩୭୦୬୨୫୨୩
13
